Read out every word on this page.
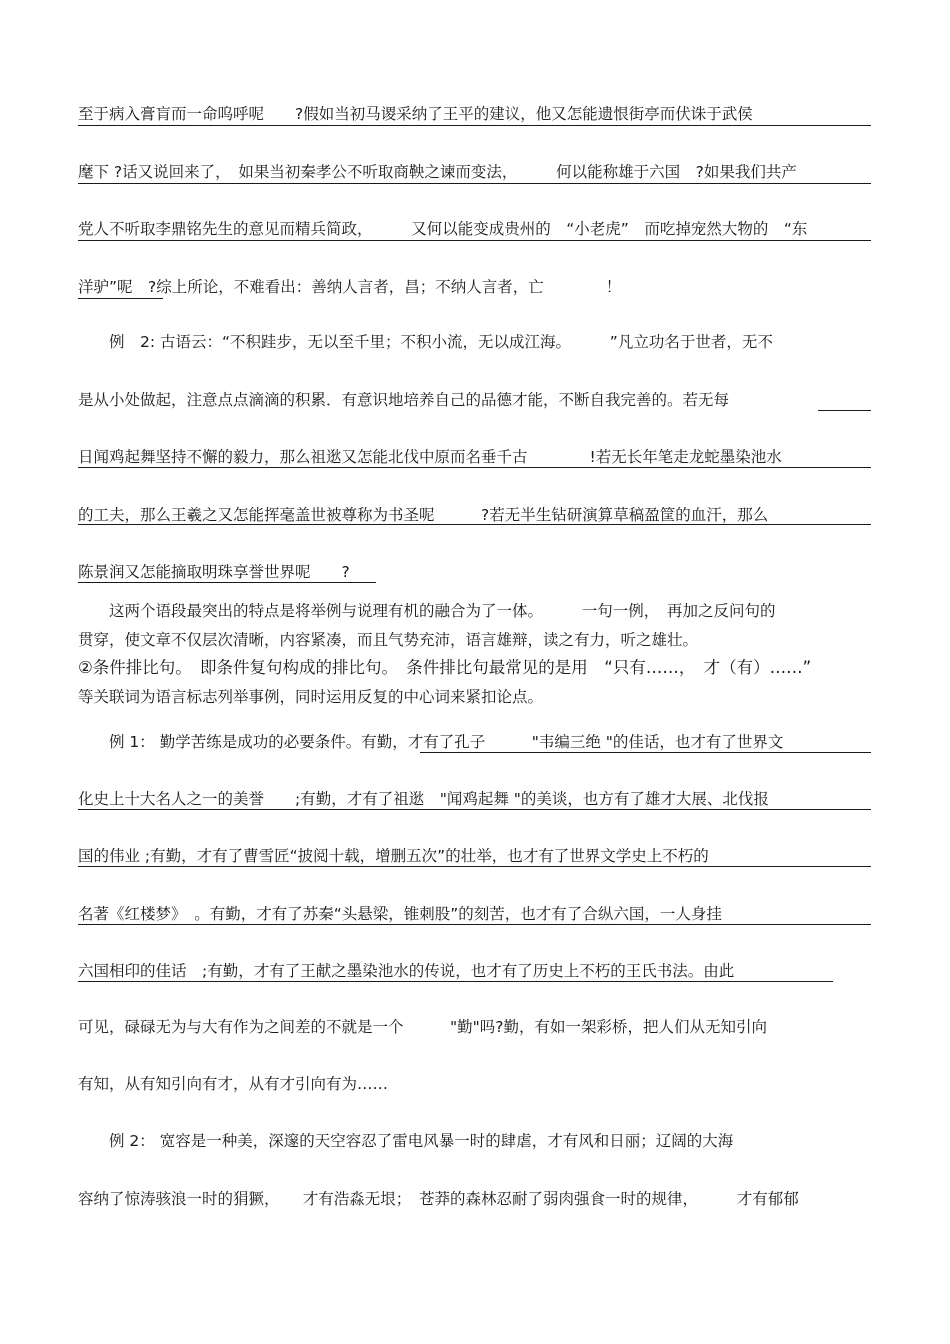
至于病入膏肓而一命呜呼呢　　?假如当初马谡采纳了王平的建议，他又怎能遗恨街亭而伏诛于武侯
麾下 ?话又说回来了，　如果当初秦孝公不听取商鞅之谏而变法，　　　何以能称雄于六国　?如果我们共产
党人不听取李鼎铭先生的意见而精兵简政，　　　又何以能变成贵州的　“小老虎”　而吃掉宠然大物的　“东
洋驴”呢　?综上所论，不难看出：善纳人言者，昌；不纳人言者，亡　　　　！
　　例　2: 古语云：“不积跬步，无以至千里；不积小流，无以成江海。　　　”凡立功名于世者，无不
是从小处做起，注意点点滴滴的积累．有意识地培养自己的品德才能，不断自我完善的。若无每
日闻鸡起舞坚持不懈的毅力，那么祖逖又怎能北伐中原而名垂千古　　　　!若无长年笔走龙蛇墨染池水
的工夫，那么王羲之又怎能挥毫盖世被尊称为书圣呢　　　?若无半生钻研演算草稿盈筐的血汗，那么
陈景润又怎能摘取明珠享誉世界呢　　?
　　这两个语段最突出的特点是将举例与说理有机的融合为了一体。　　　一句一例，　再加之反问句的
贯穿，使文章不仅层次清晰，内容紧凑，而且气势充沛，语言雄辩，读之有力，听之雄壮。
②条件排比句。　即条件复句构成的排比句。　条件排比句最常见的是用　“只有……，　才（有）……”
等关联词为语言标志列举事例，同时运用反复的中心词来紧扣论点。
　　例 1： 勤学苦练是成功的必要条件。有勤，才有了孔子　　　"韦编三绝 "的佳话，也才有了世界文
化史上十大名人之一的美誉　　;有勤，才有了祖逖　"闻鸡起舞 "的美谈，也方有了雄才大展、北伐报
国的伟业 ;有勤，才有了曹雪匠“披阅十载，增删五次”的壮举，也才有了世界文学史上不朽的
名著《红楼梦》　。有勤，才有了苏秦“头悬梁，锥刺股”的刻苦，也才有了合纵六国，一人身挂
六国相印的佳话　;有勤，才有了王献之墨染池水的传说，也才有了历史上不朽的王氏书法。由此
可见，碌碌无为与大有作为之间差的不就是一个　　　"勤"吗?勤，有如一架彩桥，把人们从无知引向
有知，从有知引向有才，从有才引向有为……
　　例 2： 宽容是一种美，深邃的天空容忍了雷电风暴一时的肆虐，才有风和日丽；辽阔的大海
容纳了惊涛骇浪一时的狷獗，　　才有浩淼无垠；　苍莽的森林忍耐了弱肉强食一时的规律，　　　才有郁郁
